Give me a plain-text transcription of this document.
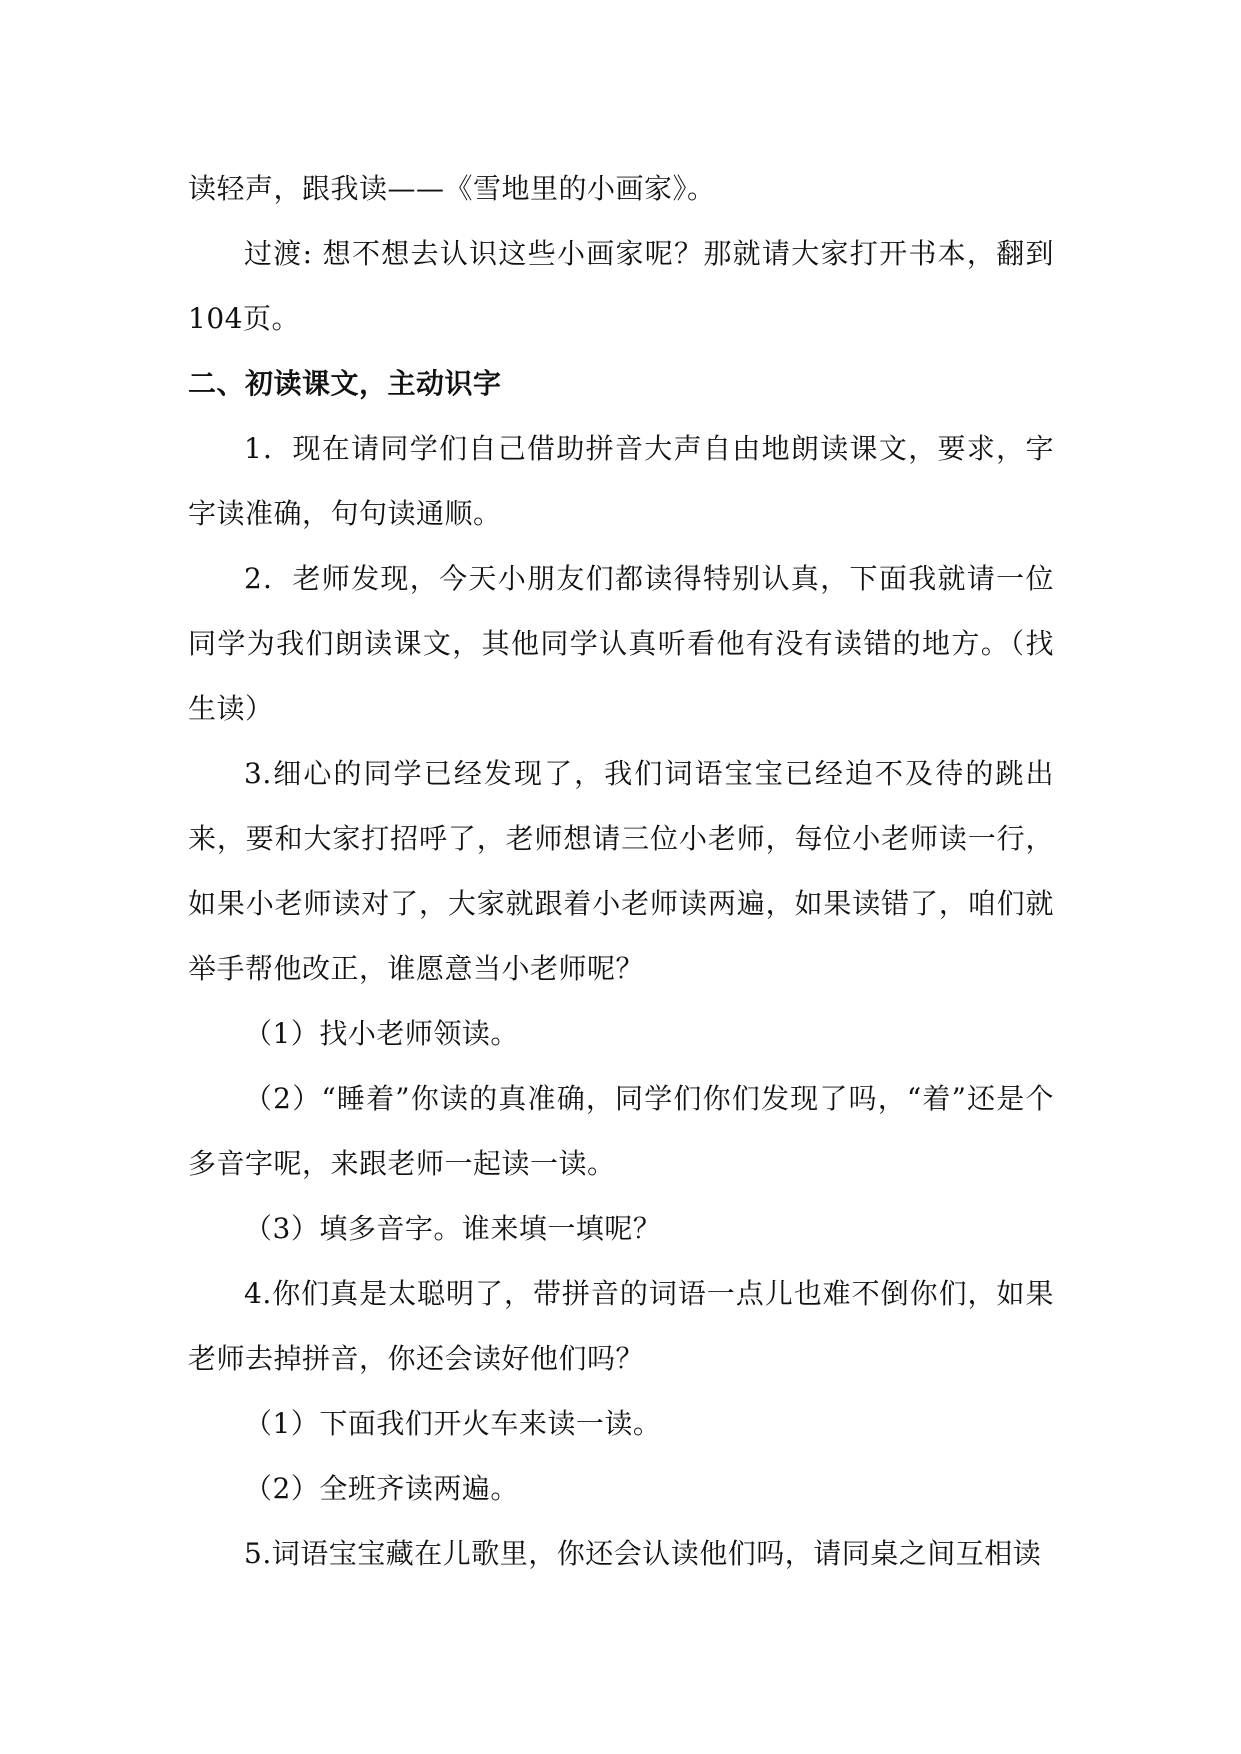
读轻声，跟我读——《雪地里的小画家》。

过渡: 想不想去认识这些小画家呢？那就请大家打开书本，翻到104页。

二、初读课文，主动识字

1．现在请同学们自己借助拼音大声自由地朗读课文，要求，字字读准确，句句读通顺。

2．老师发现，今天小朋友们都读得特别认真，下面我就请一位同学为我们朗读课文，其他同学认真听看他有没有读错的地方。（找生读）

3.细心的同学已经发现了，我们词语宝宝已经迫不及待的跳出来，要和大家打招呼了，老师想请三位小老师，每位小老师读一行，如果小老师读对了，大家就跟着小老师读两遍，如果读错了，咱们就举手帮他改正，谁愿意当小老师呢？

（1）找小老师领读。

（2）“睡着”你读的真准确，同学们你们发现了吗，“着”还是个多音字呢，来跟老师一起读一读。

（3）填多音字。谁来填一填呢？

4.你们真是太聪明了，带拼音的词语一点儿也难不倒你们，如果老师去掉拼音，你还会读好他们吗？

（1）下面我们开火车来读一读。

（2）全班齐读两遍。

5.词语宝宝藏在儿歌里，你还会认读他们吗，请同桌之间互相读
